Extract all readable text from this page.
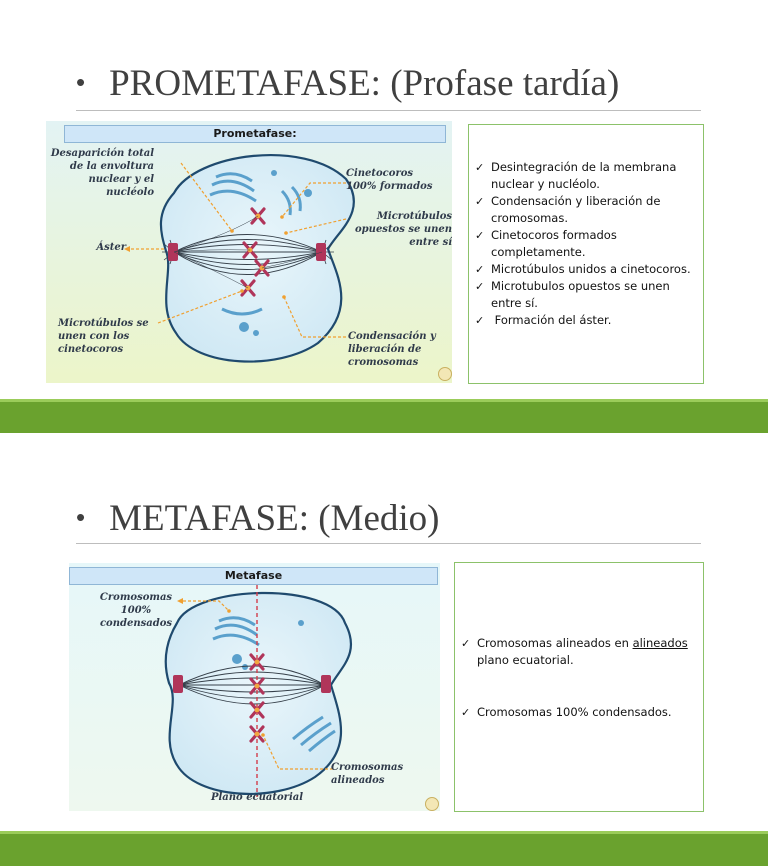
• PROMETAFASE: (Profase tardía)
Prometafase:
Desaparición total de la envoltura nuclear y el nucléolo
Cinetocoros 100% formados
Microtúbulos opuestos se unen entre sí
Áster
Microtúbulos se unen con los cinetocoros
Condensación y liberación de cromosomas
✓ Desintegración de la membrana nuclear y nucléolo.
✓ Condensación y liberación de cromosomas.
✓ Cinetocoros formados completamente.
✓ Microtúbulos unidos a cinetocoros.
✓ Microtubulos opuestos se unen entre sí.
✓ Formación del áster.
• METAFASE: (Medio)
Metafase
Cromosomas 100% condensados
Cromosomas alineados
Plano ecuatorial
✓ Cromosomas alineados en alineados plano ecuatorial.
✓ Cromosomas 100% condensados.
